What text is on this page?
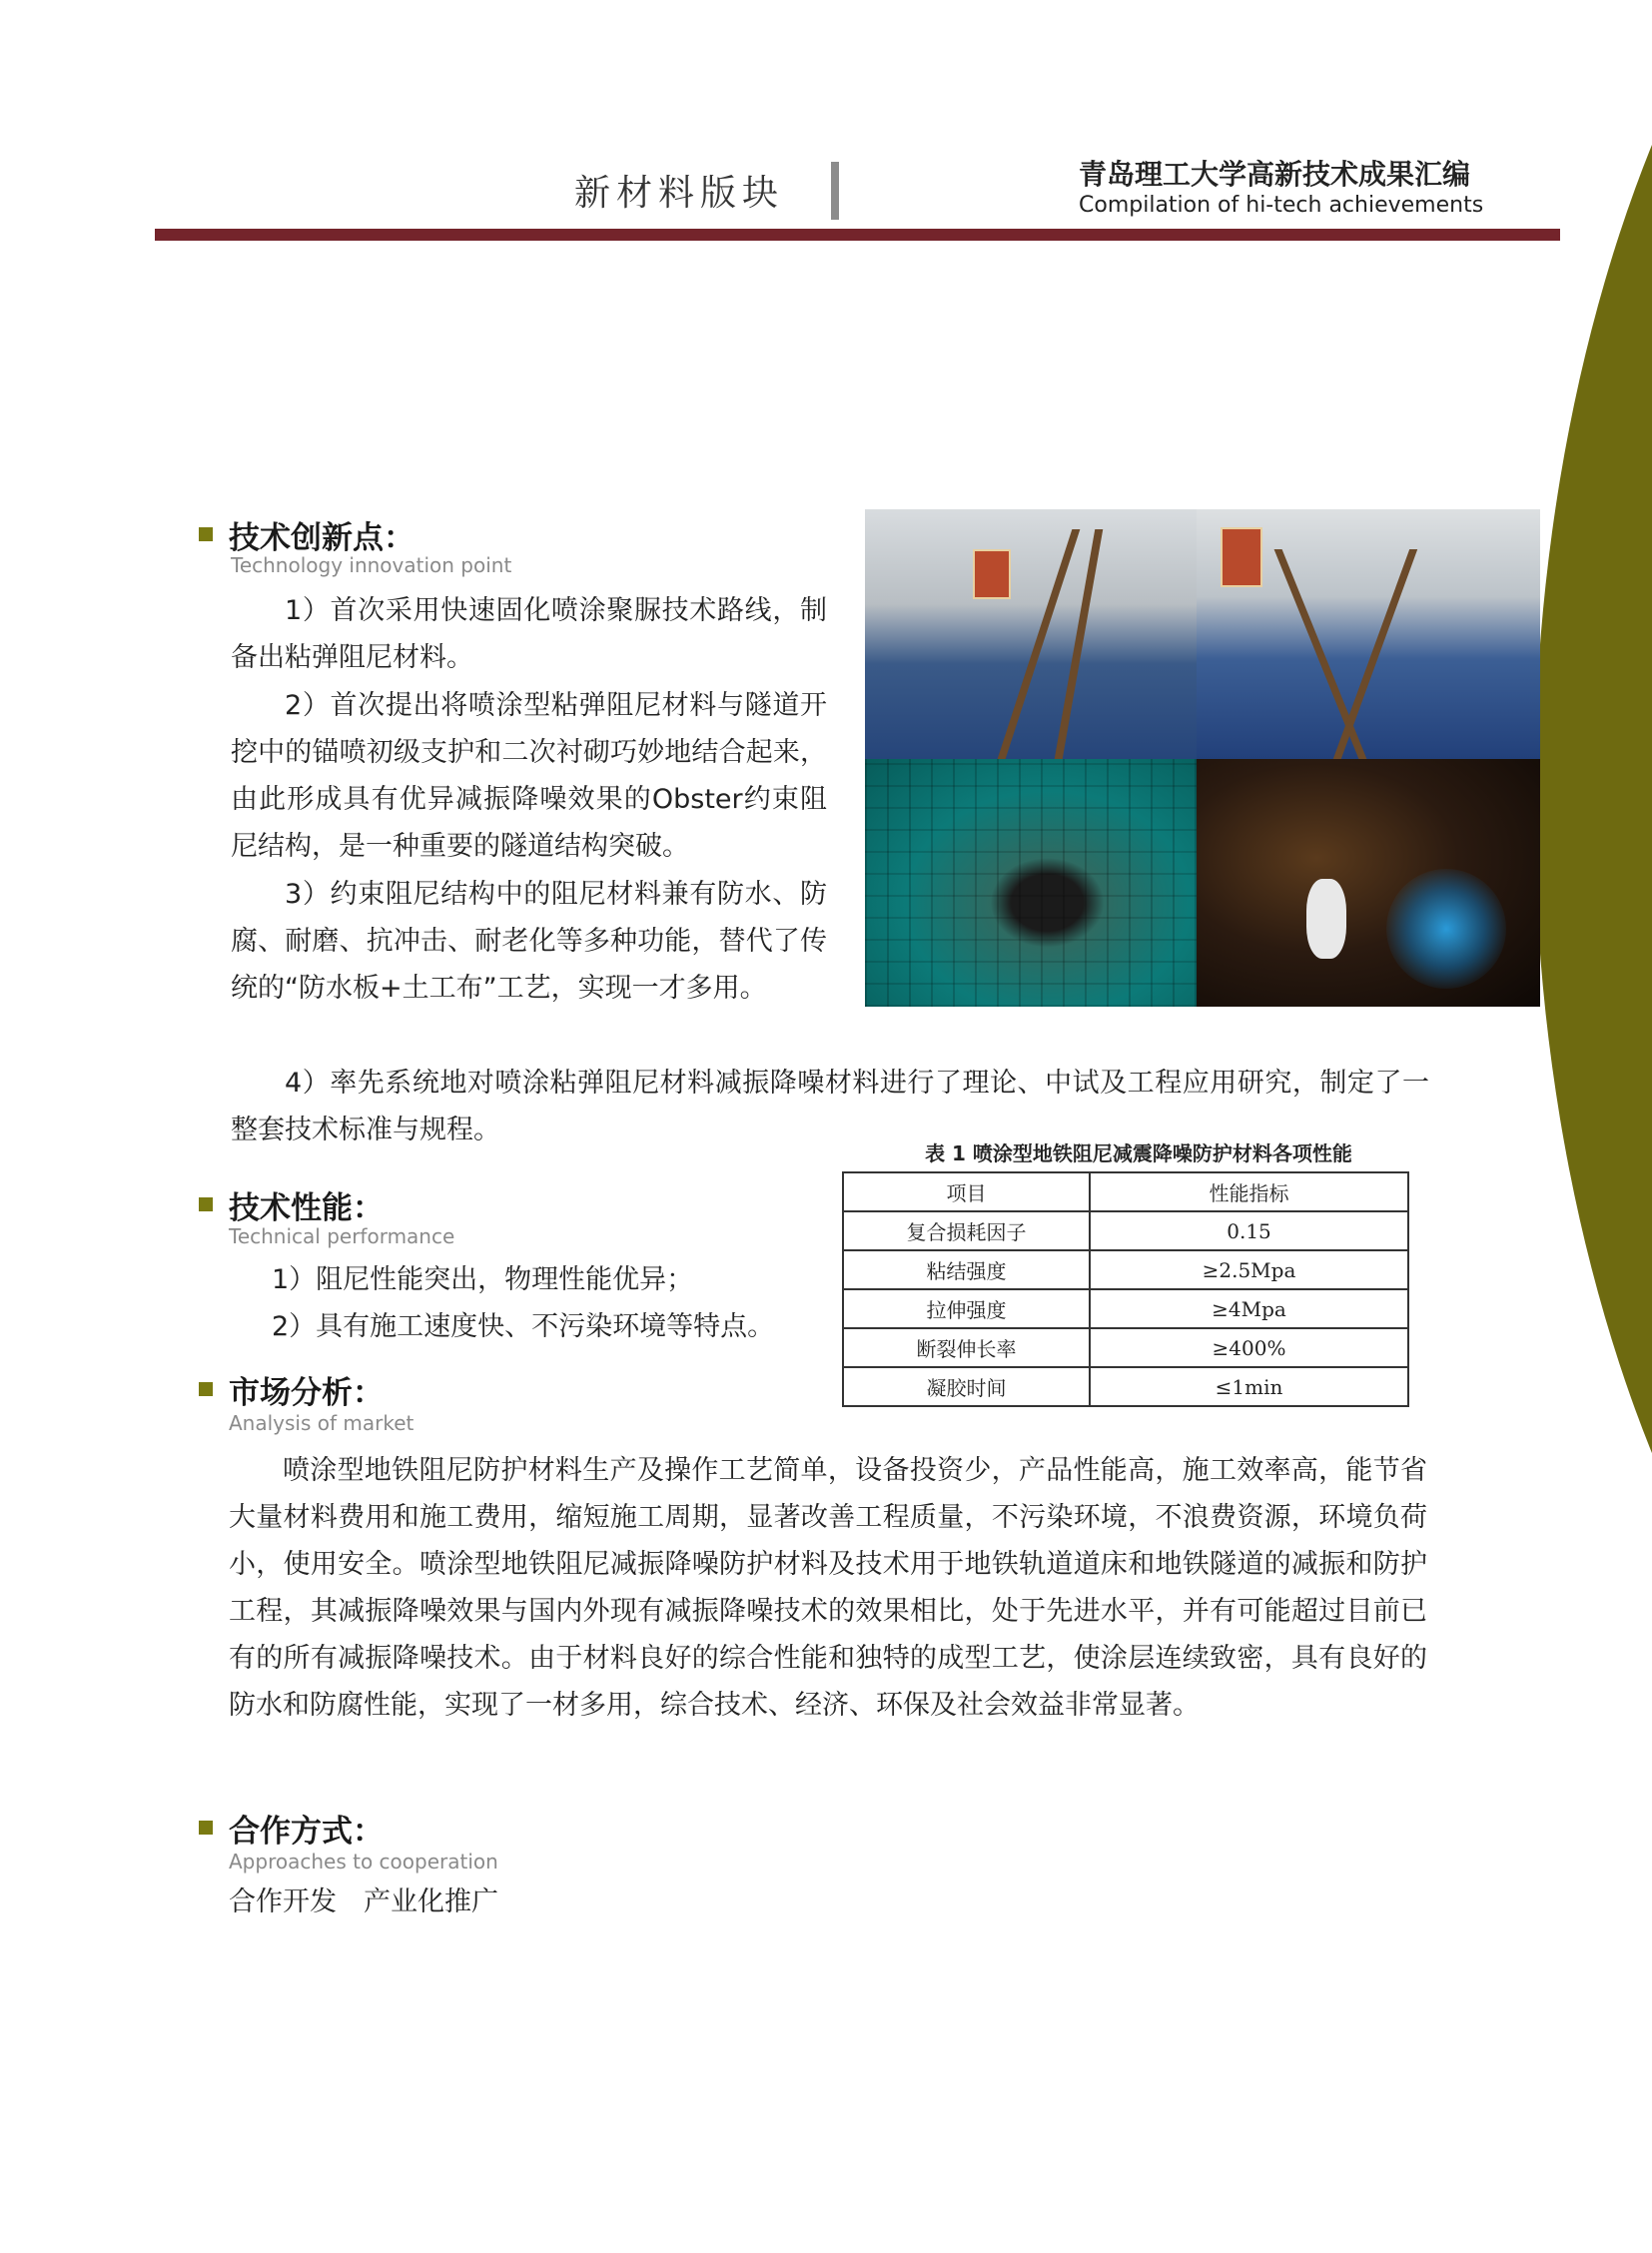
新材料版块	青岛理工大学高新技术成果汇编
Compilation of hi-tech achievements
技术创新点：
Technology innovation point

1）首次采用快速固化喷涂聚脲技术路线，制备出粘弹阻尼材料。

2）首次提出将喷涂型粘弹阻尼材料与隧道开挖中的锚喷初级支护和二次衬砌巧妙地结合起来，由此形成具有优异减振降噪效果的Obster约束阻尼结构，是一种重要的隧道结构突破。

3）约束阻尼结构中的阻尼材料兼有防水、防腐、耐磨、抗冲击、耐老化等多种功能，替代了传统的“防水板+土工布”工艺，实现一才多用。

4）率先系统地对喷涂粘弹阻尼材料减振降噪材料进行了理论、中试及工程应用研究，制定了一整套技术标准与规程。

技术性能：
Technical performance

1）阻尼性能突出，物理性能优异；

2）具有施工速度快、不污染环境等特点。

表 1 喷涂型地铁阻尼减震降噪防护材料各项性能
项目	性能指标
复合损耗因子	0.15
粘结强度	≥2.5Mpa
拉伸强度	≥4Mpa
断裂伸长率	≥400%
凝胶时间	≤1min
市场分析：
Analysis of market

喷涂型地铁阻尼防护材料生产及操作工艺简单，设备投资少，产品性能高，施工效率高，能节省大量材料费用和施工费用，缩短施工周期，显著改善工程质量，不污染环境，不浪费资源，环境负荷小，使用安全。喷涂型地铁阻尼减振降噪防护材料及技术用于地铁轨道道床和地铁隧道的减振和防护工程，其减振降噪效果与国内外现有减振降噪技术的效果相比，处于先进水平，并有可能超过目前已有的所有减振降噪技术。由于材料良好的综合性能和独特的成型工艺，使涂层连续致密，具有良好的防水和防腐性能，实现了一材多用，综合技术、经济、环保及社会效益非常显著。

合作方式：
Approaches to cooperation

合作开发　产业化推广
